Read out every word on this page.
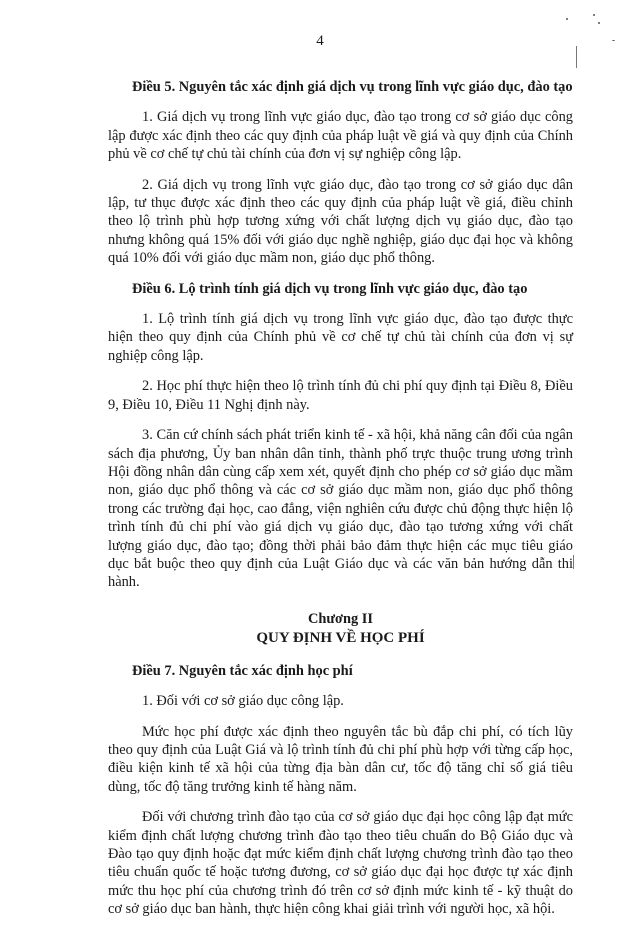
4

Điều 5. Nguyên tắc xác định giá dịch vụ trong lĩnh vực giáo dục, đào tạo

1. Giá dịch vụ trong lĩnh vực giáo dục, đào tạo trong cơ sở giáo dục công lập được xác định theo các quy định của pháp luật về giá và quy định của Chính phủ về cơ chế tự chủ tài chính của đơn vị sự nghiệp công lập.

2. Giá dịch vụ trong lĩnh vực giáo dục, đào tạo trong cơ sở giáo dục dân lập, tư thục được xác định theo các quy định của pháp luật về giá, điều chỉnh theo lộ trình phù hợp tương xứng với chất lượng dịch vụ giáo dục, đào tạo nhưng không quá 15% đối với giáo dục nghề nghiệp, giáo dục đại học và không quá 10% đối với giáo dục mầm non, giáo dục phổ thông.

Điều 6. Lộ trình tính giá dịch vụ trong lĩnh vực giáo dục, đào tạo

1. Lộ trình tính giá dịch vụ trong lĩnh vực giáo dục, đào tạo được thực hiện theo quy định của Chính phủ về cơ chế tự chủ tài chính của đơn vị sự nghiệp công lập.

2. Học phí thực hiện theo lộ trình tính đủ chi phí quy định tại Điều 8, Điều 9, Điều 10, Điều 11 Nghị định này.

3. Căn cứ chính sách phát triển kinh tế - xã hội, khả năng cân đối của ngân sách địa phương, Ủy ban nhân dân tỉnh, thành phố trực thuộc trung ương trình Hội đồng nhân dân cùng cấp xem xét, quyết định cho phép cơ sở giáo dục mầm non, giáo dục phổ thông và các cơ sở giáo dục mầm non, giáo dục phổ thông trong các trường đại học, cao đẳng, viện nghiên cứu được chủ động thực hiện lộ trình tính đủ chi phí vào giá dịch vụ giáo dục, đào tạo tương xứng với chất lượng giáo dục, đào tạo; đồng thời phải bảo đảm thực hiện các mục tiêu giáo dục bắt buộc theo quy định của Luật Giáo dục và các văn bản hướng dẫn thi hành.

Chương II
QUY ĐỊNH VỀ HỌC PHÍ

Điều 7. Nguyên tắc xác định học phí

1. Đối với cơ sở giáo dục công lập.

Mức học phí được xác định theo nguyên tắc bù đắp chi phí, có tích lũy theo quy định của Luật Giá và lộ trình tính đủ chi phí phù hợp với từng cấp học, điều kiện kinh tế xã hội của từng địa bàn dân cư, tốc độ tăng chỉ số giá tiêu dùng, tốc độ tăng trưởng kinh tế hàng năm.

Đối với chương trình đào tạo của cơ sở giáo dục đại học công lập đạt mức kiểm định chất lượng chương trình đào tạo theo tiêu chuẩn do Bộ Giáo dục và Đào tạo quy định hoặc đạt mức kiểm định chất lượng chương trình đào tạo theo tiêu chuẩn quốc tế hoặc tương đương, cơ sở giáo dục đại học được tự xác định mức thu học phí của chương trình đó trên cơ sở định mức kinh tế - kỹ thuật do cơ sở giáo dục ban hành, thực hiện công khai giải trình với người học, xã hội.
